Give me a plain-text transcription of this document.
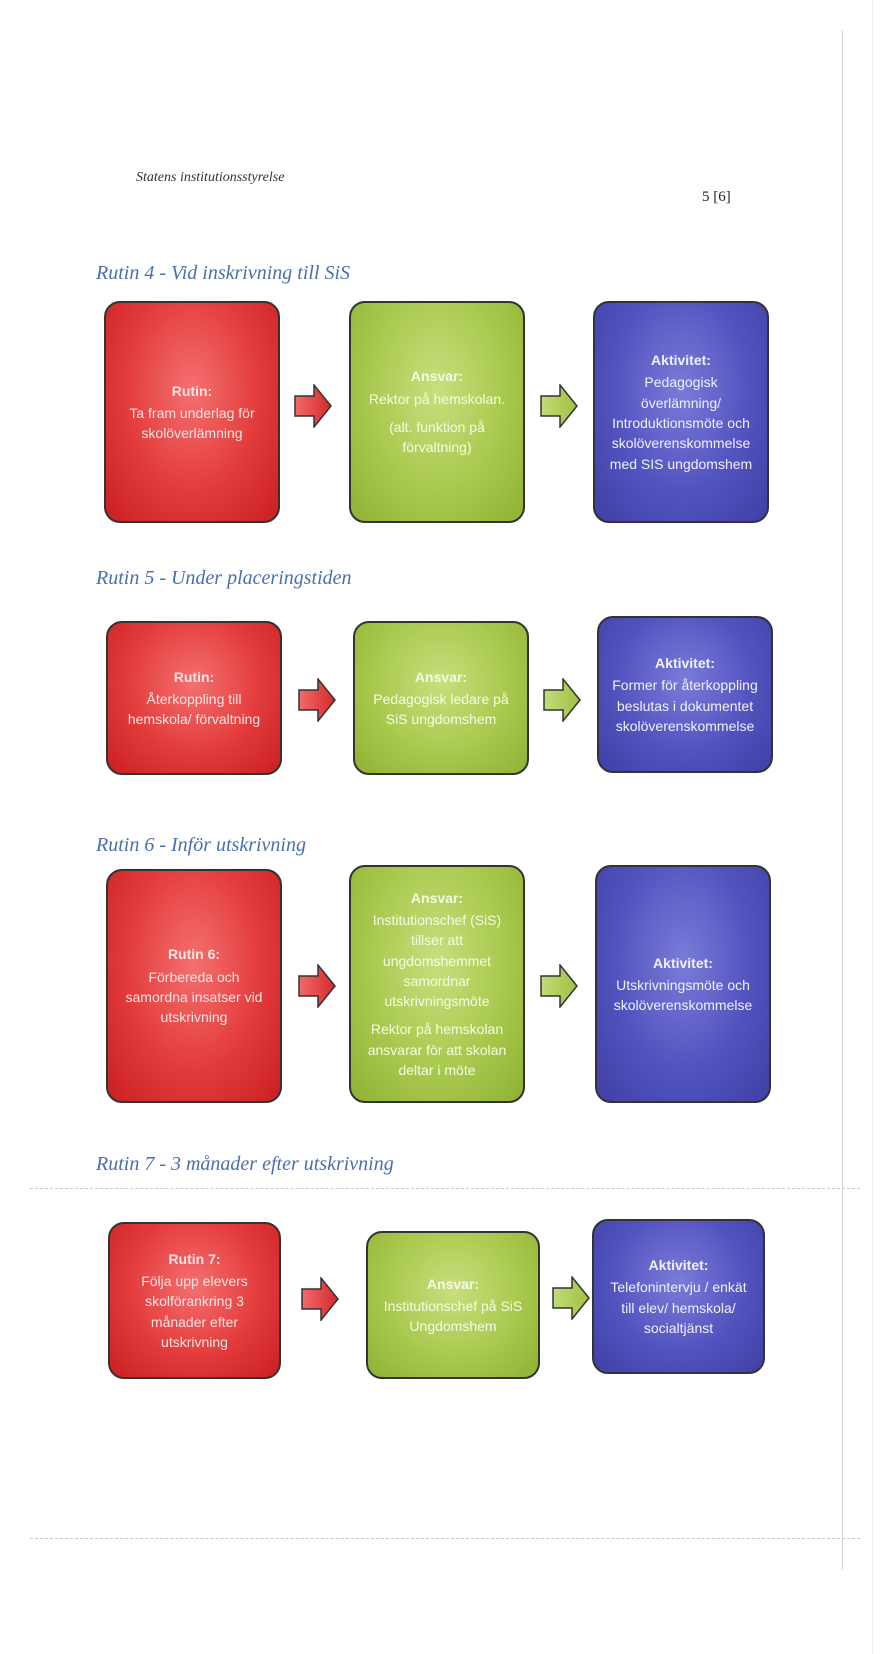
Statens institutionsstyrelse
5 [6]
Rutin 4 - Vid inskrivning till SiS
Rutin:

Ta fram underlag för skolöverlämning

Ansvar:

Rektor på hemskolan.

(alt. funktion på förvaltning)

Aktivitet:

Pedagogisk överlämning/ Introduktionsmöte och skolöverenskommelse med SIS ungdomshem

Rutin 5 - Under placeringstiden
Rutin:

Återkoppling till hemskola/ förvaltning

Ansvar:

Pedagogisk ledare på SiS ungdomshem

Aktivitet:

Former för återkoppling beslutas i dokumentet skolöverenskommelse

Rutin 6 - Inför utskrivning
Rutin 6:

Förbereda och samordna insatser vid utskrivning

Ansvar:

Institutionschef (SiS) tillser att ungdomshemmet samordnar utskrivningsmöte

Rektor på hemskolan ansvarar för att skolan deltar i möte

Aktivitet:

Utskrivningsmöte och skolöverenskommelse

Rutin 7 - 3 månader efter utskrivning
Rutin 7:

Följa upp elevers skolförankring 3 månader efter utskrivning

Ansvar:

Institutionschef på SiS Ungdomshem

Aktivitet:

Telefonintervju / enkät till elev/ hemskola/ socialtjänst
